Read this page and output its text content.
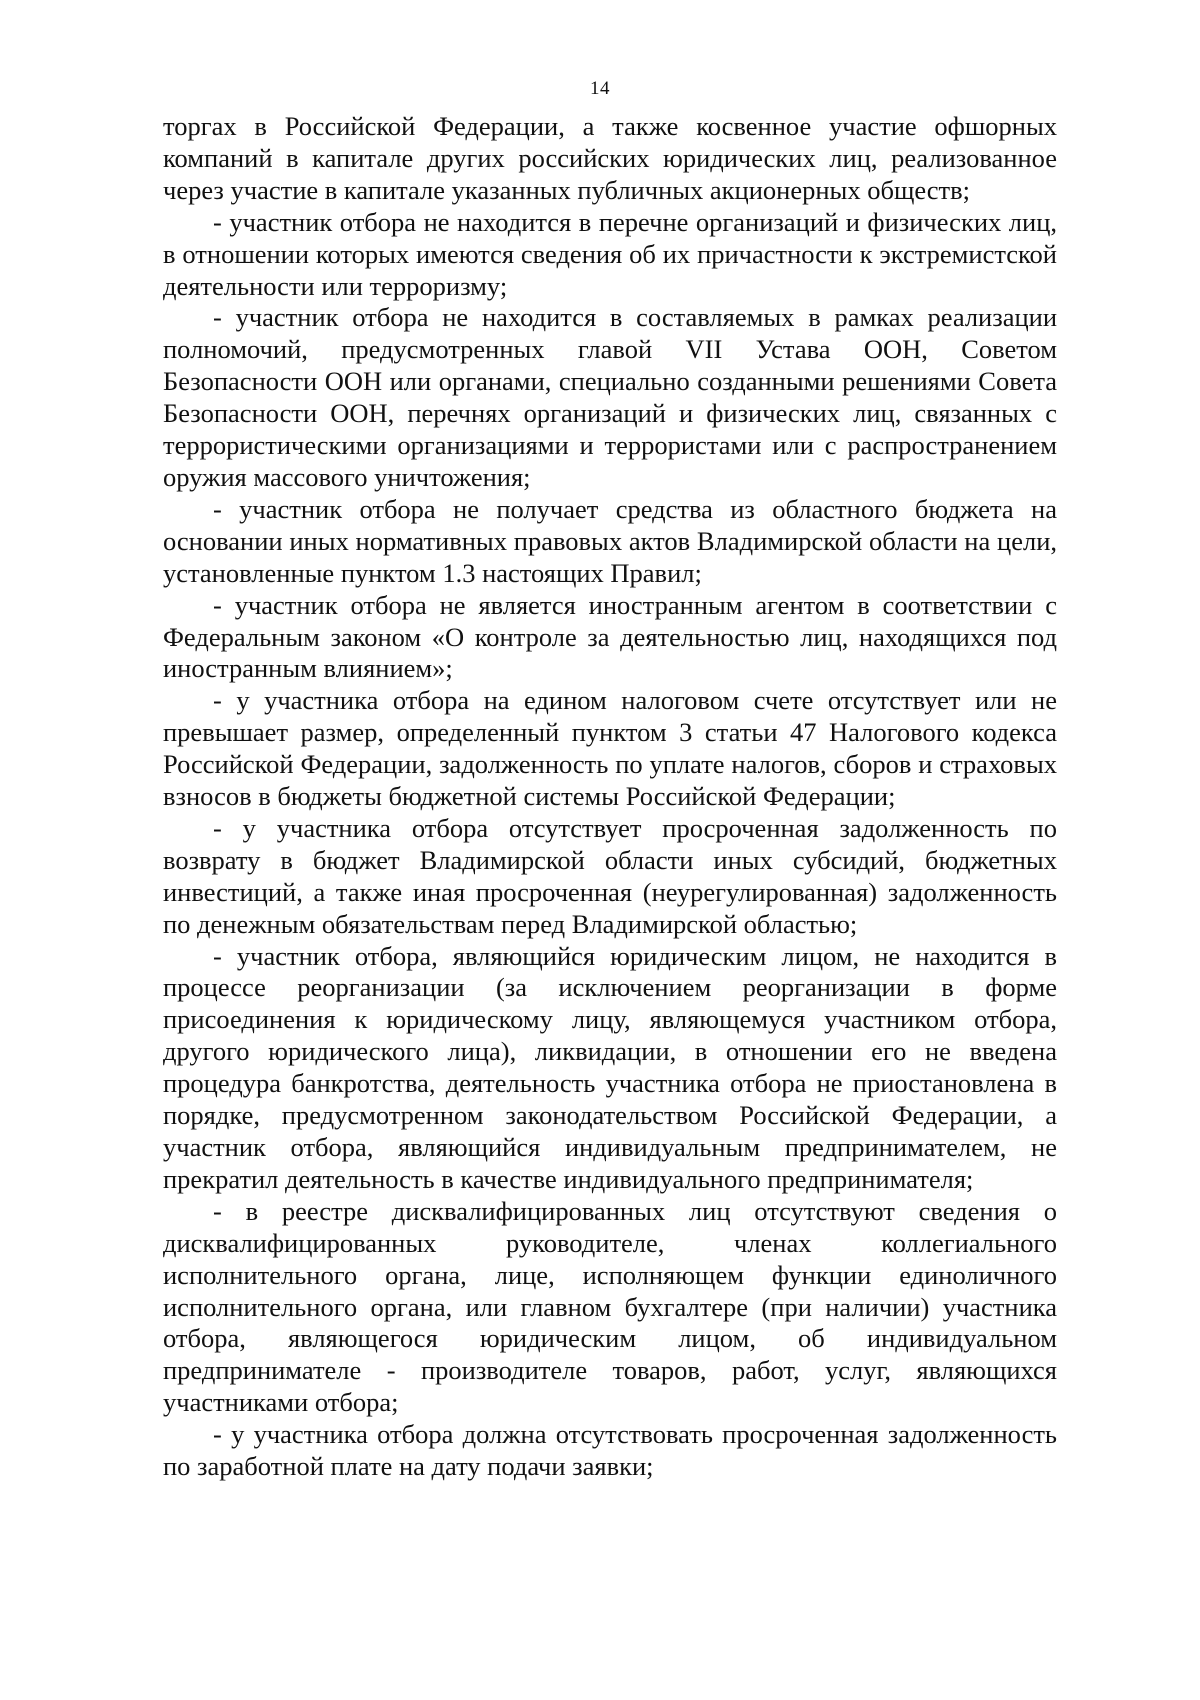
14

торгах в Российской Федерации, а также косвенное участие офшорных компаний в капитале других российских юридических лиц, реализованное через участие в капитале указанных публичных акционерных обществ;

- участник отбора не находится в перечне организаций и физических лиц, в отношении которых имеются сведения об их причастности к экстремистской деятельности или терроризму;

- участник отбора не находится в составляемых в рамках реализации полномочий, предусмотренных главой VII Устава ООН, Советом Безопасности ООН или органами, специально созданными решениями Совета Безопасности ООН, перечнях организаций и физических лиц, связанных с террористическими организациями и террористами или с распространением оружия массового уничтожения;

- участник отбора не получает средства из областного бюджета на основании иных нормативных правовых актов Владимирской области на цели, установленные пунктом 1.3 настоящих Правил;

- участник отбора не является иностранным агентом в соответствии с Федеральным законом «О контроле за деятельностью лиц, находящихся под иностранным влиянием»;

- у участника отбора на едином налоговом счете отсутствует или не превышает размер, определенный пунктом 3 статьи 47 Налогового кодекса Российской Федерации, задолженность по уплате налогов, сборов и страховых взносов в бюджеты бюджетной системы Российской Федерации;

- у участника отбора отсутствует просроченная задолженность по возврату в бюджет Владимирской области иных субсидий, бюджетных инвестиций, а также иная просроченная (неурегулированная) задолженность по денежным обязательствам перед Владимирской областью;

- участник отбора, являющийся юридическим лицом, не находится в процессе реорганизации (за исключением реорганизации в форме присоединения к юридическому лицу, являющемуся участником отбора, другого юридического лица), ликвидации, в отношении его не введена процедура банкротства, деятельность участника отбора не приостановлена в порядке, предусмотренном законодательством Российской Федерации, а участник отбора, являющийся индивидуальным предпринимателем, не прекратил деятельность в качестве индивидуального предпринимателя;

- в реестре дисквалифицированных лиц отсутствуют сведения о дисквалифицированных руководителе, членах коллегиального исполнительного органа, лице, исполняющем функции единоличного исполнительного органа, или главном бухгалтере (при наличии) участника отбора, являющегося юридическим лицом, об индивидуальном предпринимателе - производителе товаров, работ, услуг, являющихся участниками отбора;

- у участника отбора должна отсутствовать просроченная задолженность по заработной плате на дату подачи заявки;
